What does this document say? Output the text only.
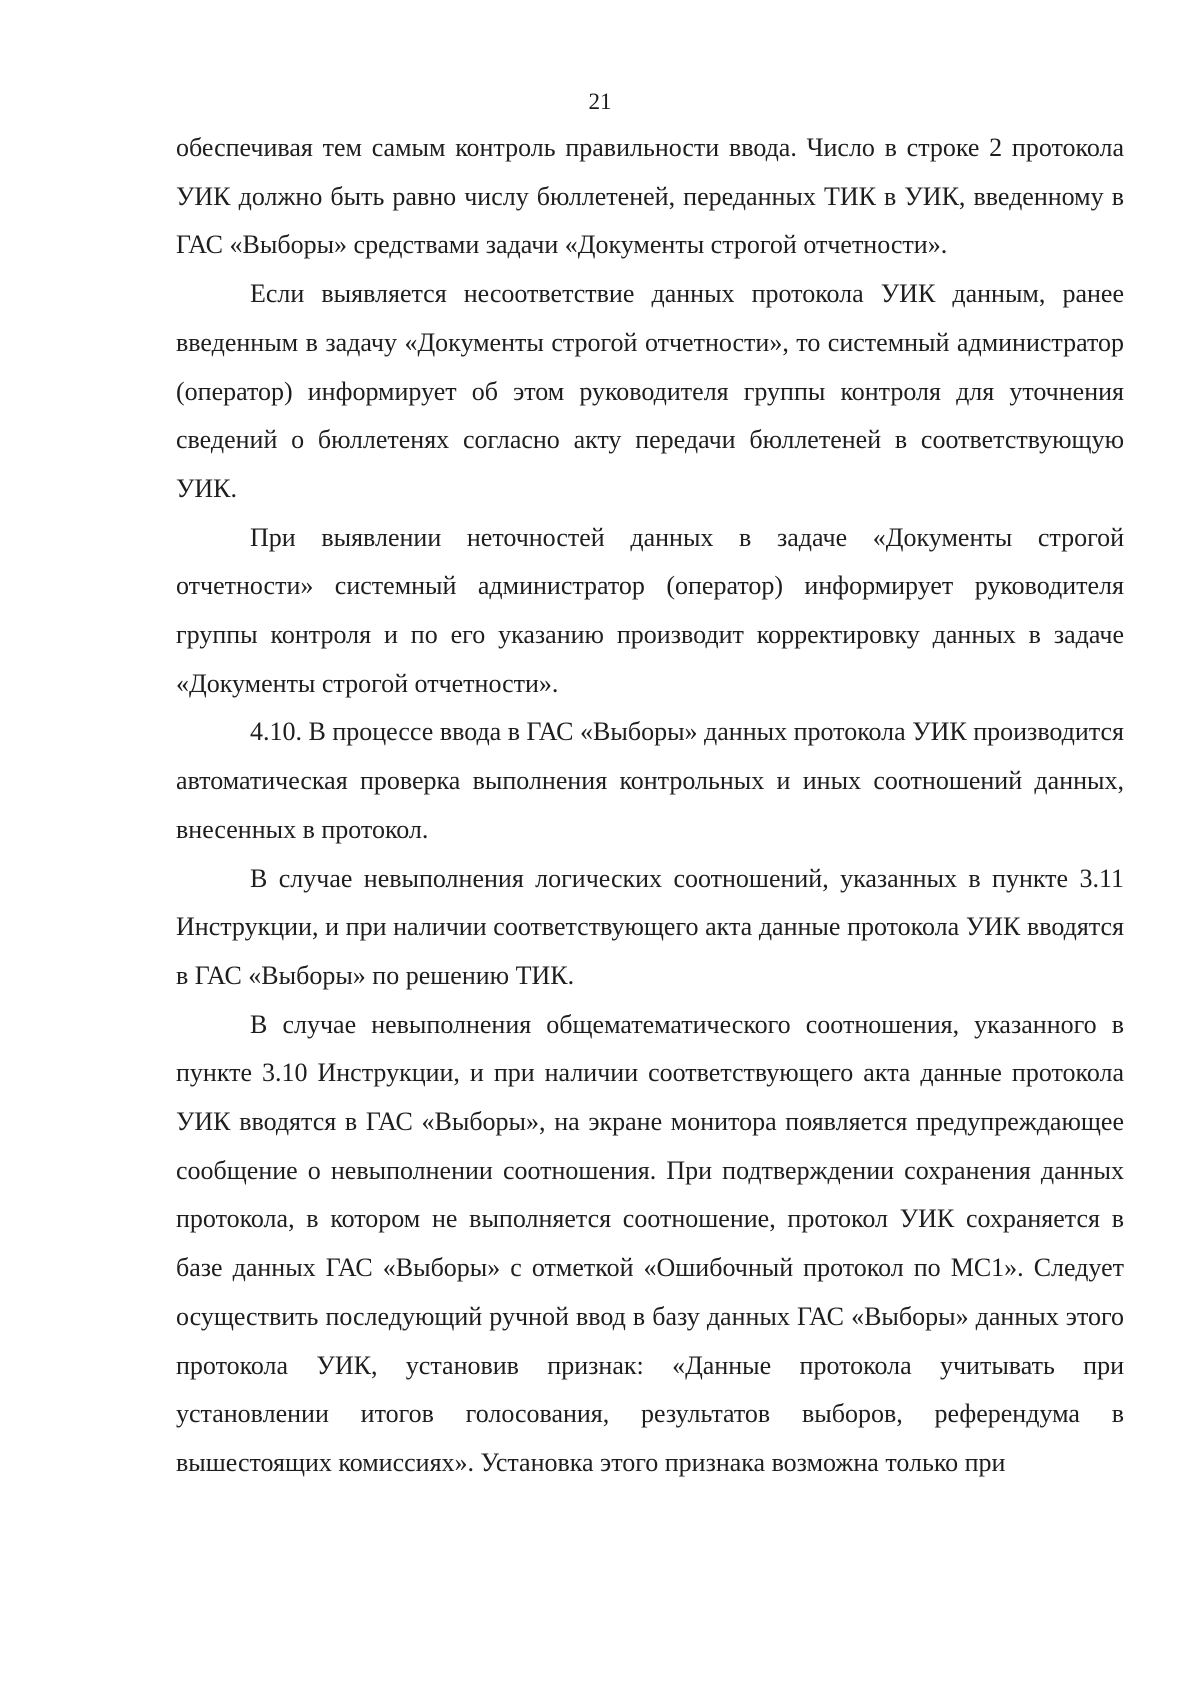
21

обеспечивая тем самым контроль правильности ввода. Число в строке 2 протокола УИК должно быть равно числу бюллетеней, переданных ТИК в УИК, введенному в ГАС «Выборы» средствами задачи «Документы строгой отчетности».

Если выявляется несоответствие данных протокола УИК данным, ранее введенным в задачу «Документы строгой отчетности», то системный администратор (оператор) информирует об этом руководителя группы контроля для уточнения сведений о бюллетенях согласно акту передачи бюллетеней в соответствующую УИК.

При выявлении неточностей данных в задаче «Документы строгой отчетности» системный администратор (оператор) информирует руководителя группы контроля и по его указанию производит корректировку данных в задаче «Документы строгой отчетности».

4.10. В процессе ввода в ГАС «Выборы» данных протокола УИК производится автоматическая проверка выполнения контрольных и иных соотношений данных, внесенных в протокол.

В случае невыполнения логических соотношений, указанных в пункте 3.11 Инструкции, и при наличии соответствующего акта данные протокола УИК вводятся в ГАС «Выборы» по решению ТИК.

В случае невыполнения общематематического соотношения, указанного в пункте 3.10 Инструкции, и при наличии соответствующего акта данные протокола УИК вводятся в ГАС «Выборы», на экране монитора появляется предупреждающее сообщение о невыполнении соотношения. При подтверждении сохранения данных протокола, в котором не выполняется соотношение, протокол УИК сохраняется в базе данных ГАС «Выборы» с отметкой «Ошибочный протокол по МС1». Следует осуществить последующий ручной ввод в базу данных ГАС «Выборы» данных этого протокола УИК, установив признак: «Данные протокола учитывать при установлении итогов голосования, результатов выборов, референдума в вышестоящих комиссиях». Установка этого признака возможна только при
